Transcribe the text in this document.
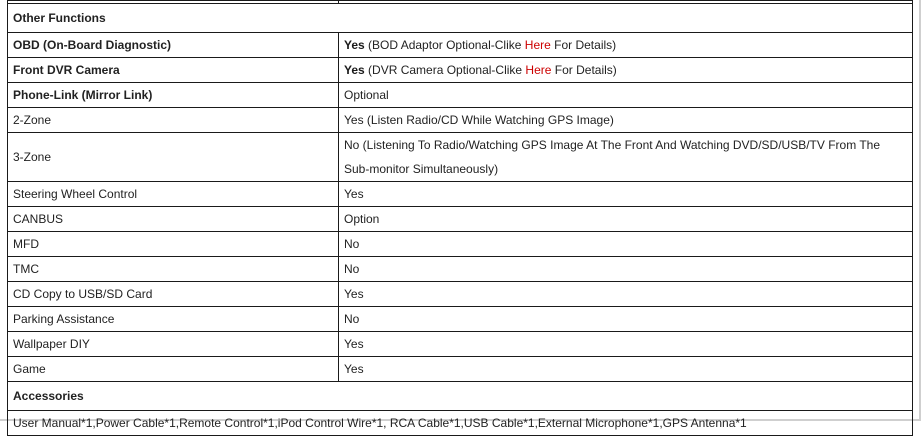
Other Functions	
OBD (On-Board Diagnostic)	Yes (BOD Adaptor Optional-Clike Here For Details)
Front DVR Camera	Yes (DVR Camera Optional-Clike Here For Details)
Phone-Link (Mirror Link)	Optional
2-Zone	Yes (Listen Radio/CD While Watching GPS Image)
3-Zone	No (Listening To Radio/Watching GPS Image At The Front And Watching DVD/SD/USB/TV From The Sub-monitor Simultaneously)
Steering Wheel Control	Yes
CANBUS	Option
MFD	No
TMC	No
CD Copy to USB/SD Card	Yes
Parking Assistance	No
Wallpaper DIY	Yes
Game	Yes
Accessories	
User Manual*1,Power Cable*1,Remote Control*1,iPod Control Wire*1, RCA Cable*1,USB Cable*1,External Microphone*1,GPS Antenna*1	
